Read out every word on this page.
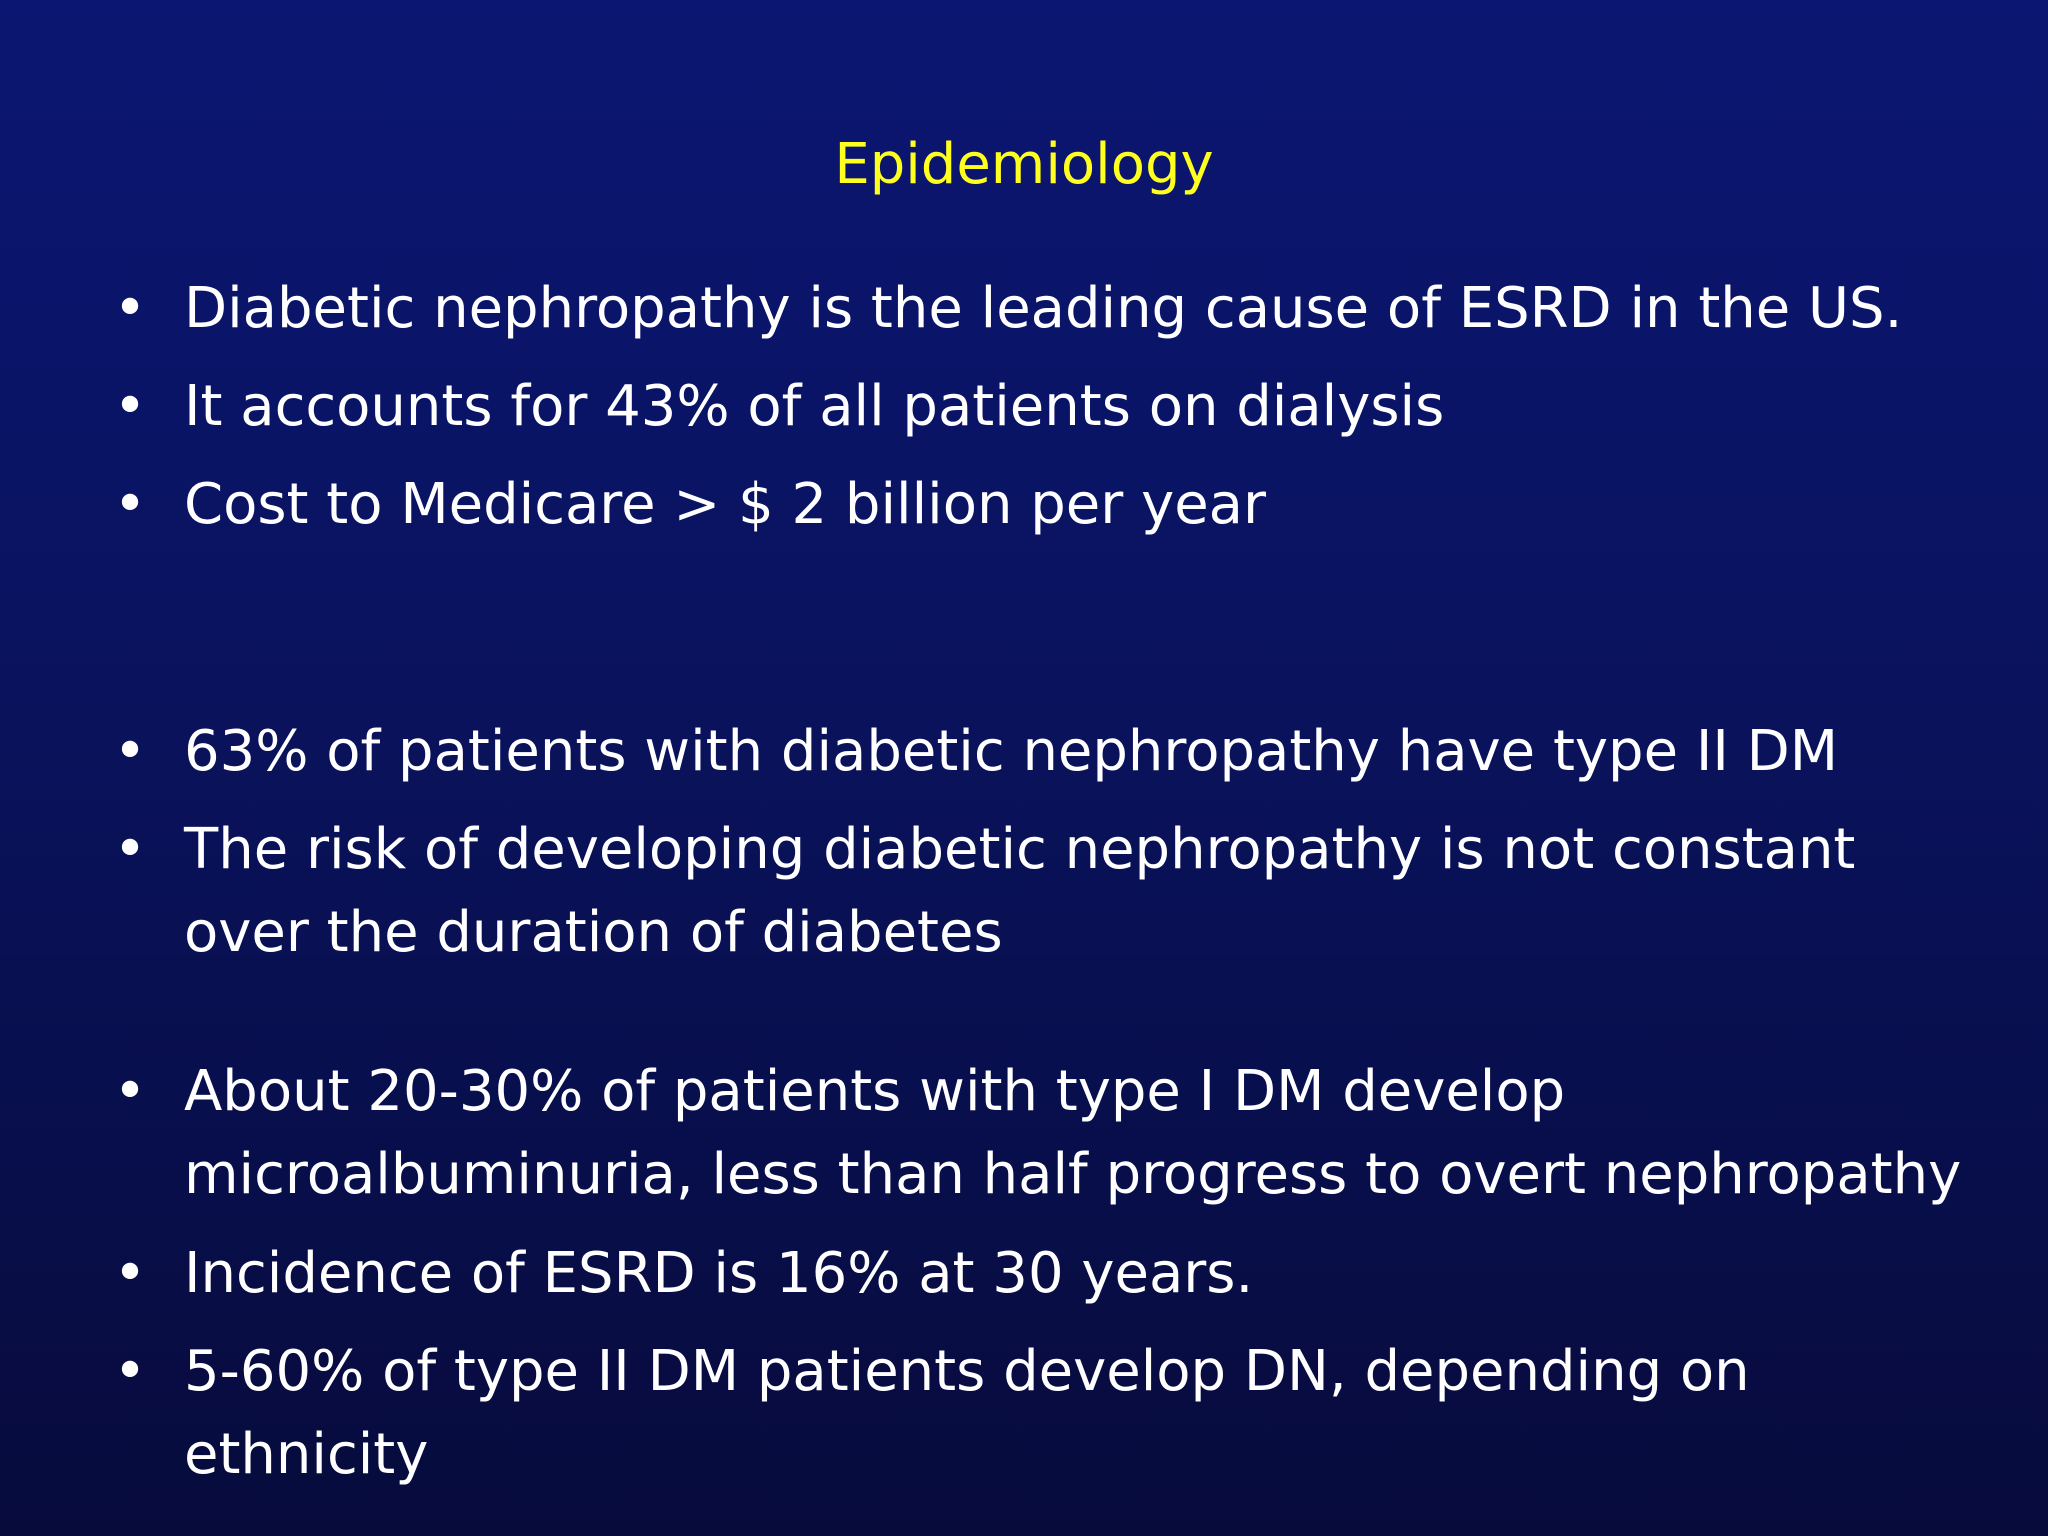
Epidemiology
• Diabetic nephropathy is the leading cause of ESRD in the US.
• It accounts for 43% of all patients on dialysis
• Cost to Medicare > $ 2 billion per year
• 63% of patients with diabetic nephropathy have type II DM
• The risk of developing diabetic nephropathy is not constant
over the duration of diabetes
• About 20-30% of patients with type I DM develop
microalbuminuria, less than half progress to overt nephropathy
• Incidence of ESRD is 16% at 30 years.
• 5-60% of type II DM patients develop DN, depending on
ethnicity
